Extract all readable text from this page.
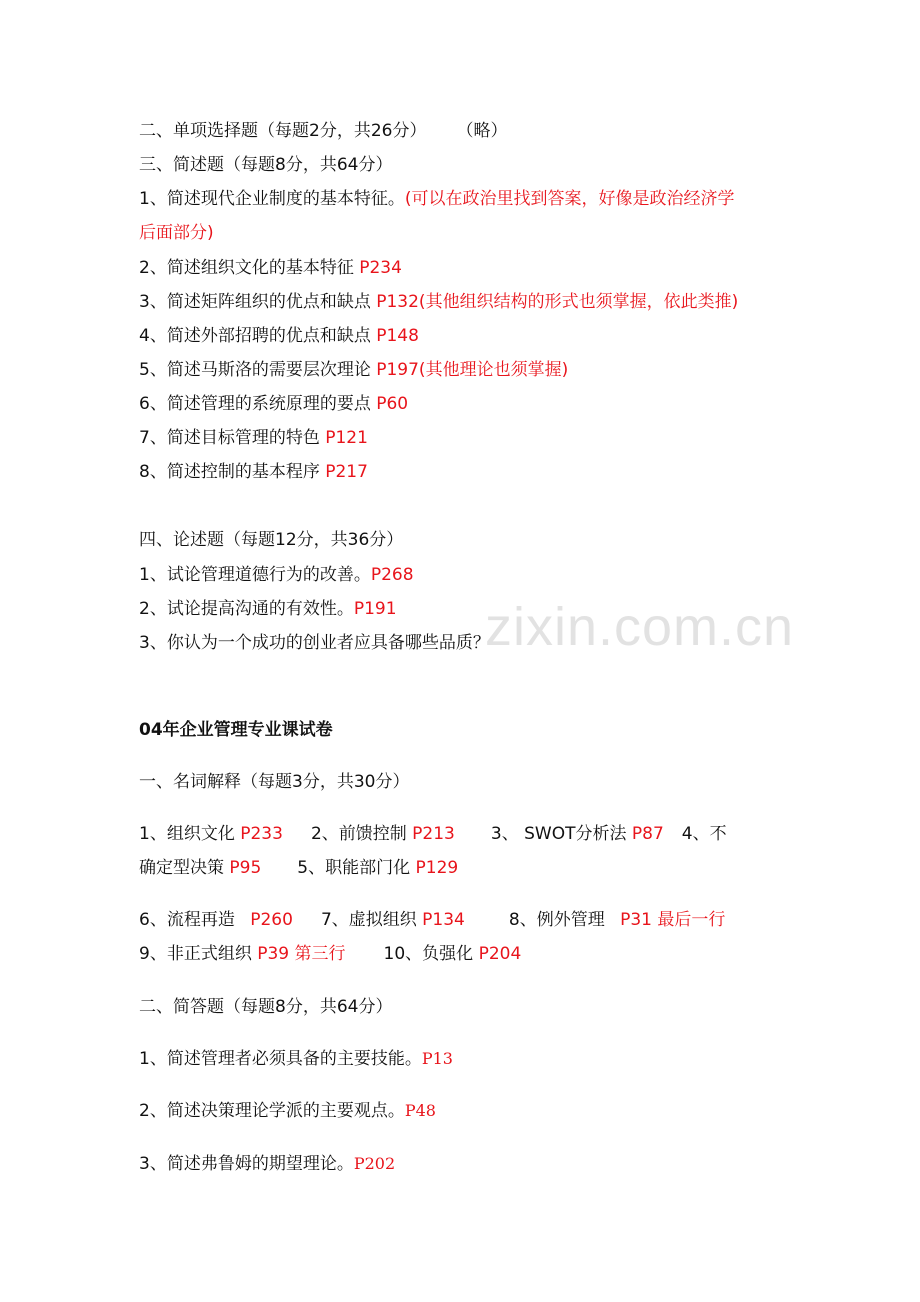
二、单项选择题（每题2分，共26分） （略）
三、简述题（每题8分，共64分）
1、简述现代企业制度的基本特征。(可以在政治里找到答案，好像是政治经济学
后面部分)
2、简述组织文化的基本特征 P234
3、简述矩阵组织的优点和缺点 P132(其他组织结构的形式也须掌握，依此类推)
4、简述外部招聘的优点和缺点 P148
5、简述马斯洛的需要层次理论 P197(其他理论也须掌握)
6、简述管理的系统原理的要点 P60
7、简述目标管理的特色 P121
8、简述控制的基本程序 P217
四、论述题（每题12分，共36分）
1、试论管理道德行为的改善。P268
2、试论提高沟通的有效性。P191
3、你认为一个成功的创业者应具备哪些品质？
04年企业管理专业课试卷
一、名词解释（每题3分，共30分）
1、组织文化 P233 2、前馈控制 P213 3、 SWOT分析法 P87 4、不
确定型决策 P95 5、职能部门化 P129
6、流程再造 P260 7、虚拟组织 P134	8、例外管理 P31 最后一行
9、非正式组织 P39 第三行 10、负强化 P204
二、简答题（每题8分，共64分）
1、简述管理者必须具备的主要技能。P13
2、简述决策理论学派的主要观点。P48
3、简述弗鲁姆的期望理论。P202
zixin.com.cn
